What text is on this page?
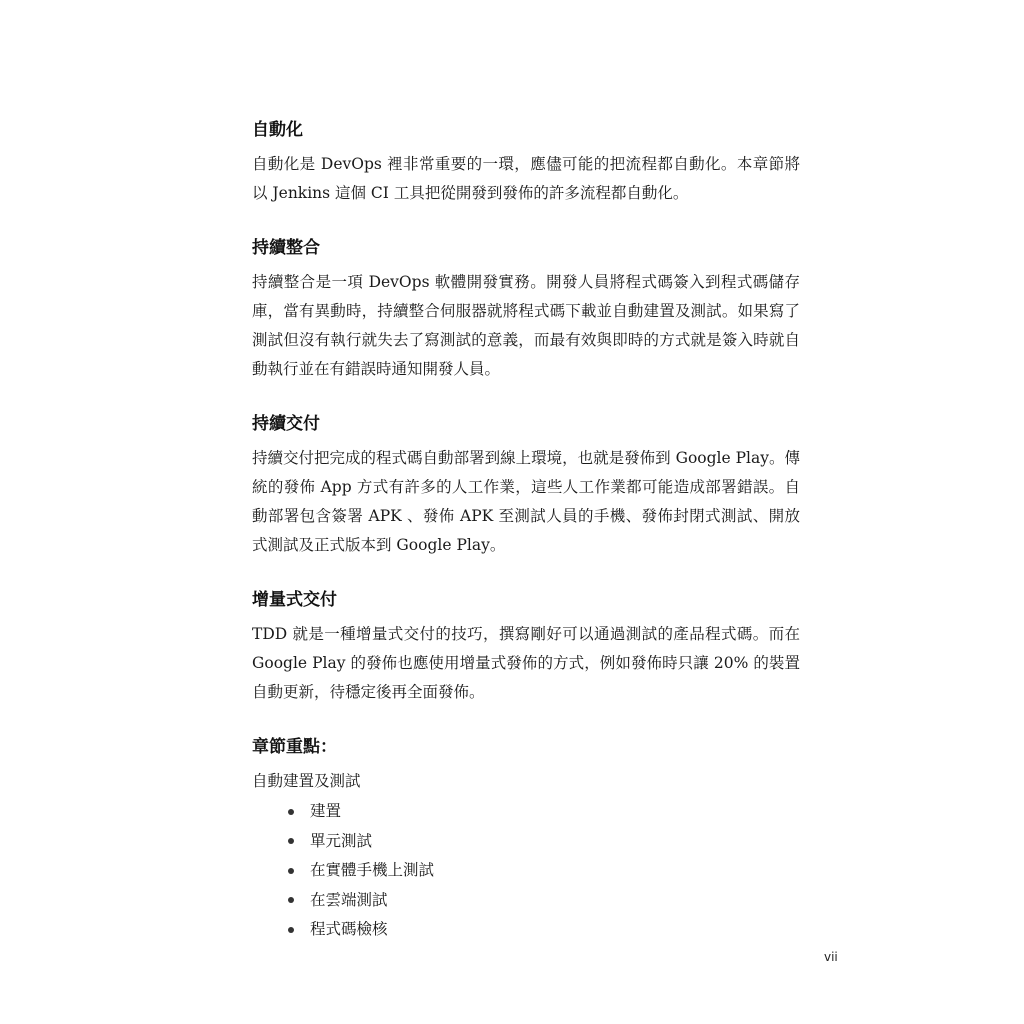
自動化

自動化是 DevOps 裡非常重要的一環，應儘可能的把流程都自動化。本章節將以 Jenkins 這個 CI 工具把從開發到發佈的許多流程都自動化。

持續整合

持續整合是一項 DevOps 軟體開發實務。開發人員將程式碼簽入到程式碼儲存庫，當有異動時，持續整合伺服器就將程式碼下載並自動建置及測試。如果寫了測試但沒有執行就失去了寫測試的意義，而最有效與即時的方式就是簽入時就自動執行並在有錯誤時通知開發人員。

持續交付

持續交付把完成的程式碼自動部署到線上環境，也就是發佈到 Google Play。傳統的發佈 App 方式有許多的人工作業，這些人工作業都可能造成部署錯誤。自動部署包含簽署 APK 、發佈 APK 至測試人員的手機、發佈封閉式測試、開放式測試及正式版本到 Google Play。

增量式交付

TDD 就是一種增量式交付的技巧，撰寫剛好可以通過測試的產品程式碼。而在 Google Play 的發佈也應使用增量式發佈的方式，例如發佈時只讓 20% 的裝置自動更新，待穩定後再全面發佈。

章節重點：

自動建置及測試

建置
單元測試
在實體手機上測試
在雲端測試
程式碼檢核
vii
